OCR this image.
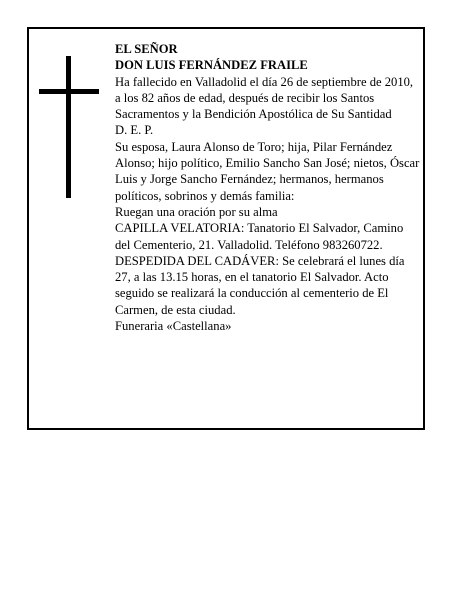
EL SEÑOR

DON LUIS FERNÁNDEZ FRAILE

Ha fallecido en Valladolid el día 26 de septiembre de 2010, a los 82 años de edad, después de recibir los Santos Sacramentos y la Bendición Apostólica de Su Santidad

D. E. P.

Su esposa, Laura Alonso de Toro; hija, Pilar Fernández Alonso; hijo político, Emilio Sancho San José; nietos, Óscar Luis y Jorge Sancho Fernández; hermanos, hermanos políticos, sobrinos y demás familia:

Ruegan una oración por su alma

CAPILLA VELATORIA: Tanatorio El Salvador, Camino del Cementerio, 21. Valladolid. Teléfono 983260722.

DESPEDIDA DEL CADÁVER: Se celebrará el lunes día 27, a las 13.15 horas, en el tanatorio El Salvador. Acto seguido se realizará la conducción al cementerio de El Carmen, de esta ciudad.

Funeraria «Castellana»
